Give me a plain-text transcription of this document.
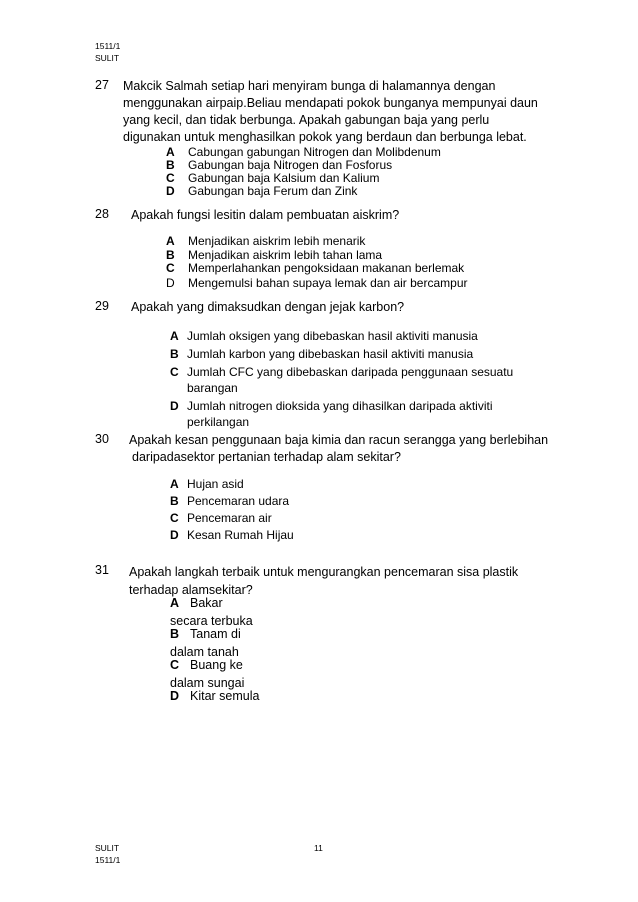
1511/1
SULIT
27 Makcik Salmah setiap hari menyiram bunga di halamannya dengan
menggunakan airpaip.Beliau mendapati pokok bunganya mempunyai daun
yang kecil, dan tidak berbunga. Apakah gabungan baja yang perlu
digunakan untuk menghasilkan pokok yang berdaun dan berbunga lebat.
A Cabungan gabungan Nitrogen dan Molibdenum
B Gabungan baja Nitrogen dan Fosforus
C Gabungan baja Kalsium dan Kalium
D Gabungan baja Ferum dan Zink
28 Apakah fungsi lesitin dalam pembuatan aiskrim?
A Menjadikan aiskrim lebih menarik
B Menjadikan aiskrim lebih tahan lama
C Memperlahankan pengoksidaan makanan berlemak
D Mengemulsi bahan supaya lemak dan air bercampur
29 Apakah yang dimaksudkan dengan jejak karbon?
A Jumlah oksigen yang dibebaskan hasil aktiviti manusia
B Jumlah karbon yang dibebaskan hasil aktiviti manusia
C Jumlah CFC yang dibebaskan daripada penggunaan sesuatu
barangan
D Jumlah nitrogen dioksida yang dihasilkan daripada aktiviti
perkilangan
30 Apakah kesan penggunaan baja kimia dan racun serangga yang berlebihan
daripadasektor pertanian terhadap alam sekitar?
A Hujan asid
B Pencemaran udara
C Pencemaran air
D Kesan Rumah Hijau
31 Apakah langkah terbaik untuk mengurangkan pencemaran sisa plastik
terhadap alamsekitar?
A Bakar
secara terbuka
B Tanam di
dalam tanah
C Buang ke
dalam sungai
D Kitar semula
SULIT
1511/1
11
